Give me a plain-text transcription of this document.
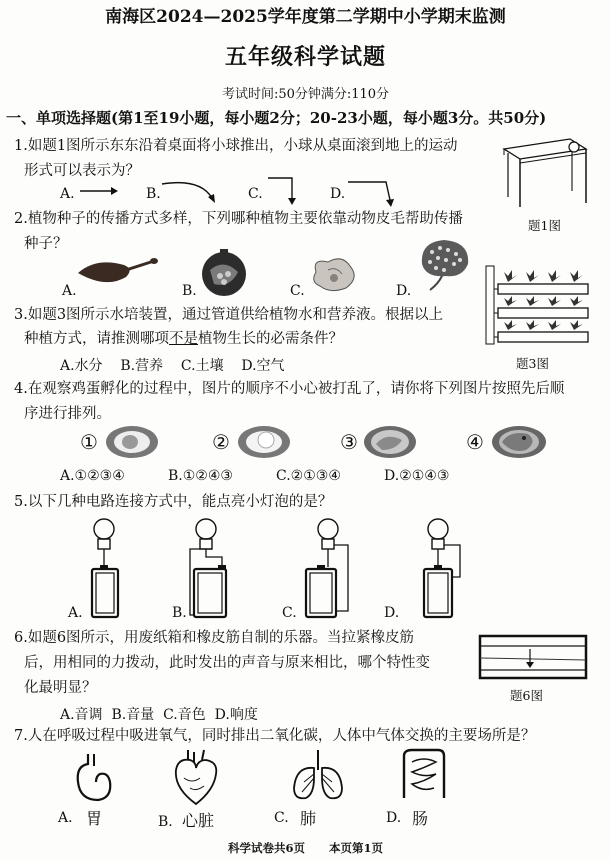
南海区2024—2025学年度第二学期中小学期末监测
五年级科学试题
考试时间:50分钟满分:110分
一、单项选择题(第1至19小题，每小题2分；20-23小题，每小题3分。共50分)
1.如题1图所示东东沿着桌面将小球推出，小球从桌面滚到地上的运动
形式可以表示为？
A.	B.	C.	D.
题1图
2.植物种子的传播方式多样，下列哪种植物主要依靠动物皮毛帮助传播
种子？
A.	B.	C.	D.
3.如题3图所示水培装置，通过管道供给植物水和营养液。根据以上
种植方式，请推测哪项不是植物生长的必需条件？
A.水分    B.营养    C.土壤    D.空气	题3图
4.在观察鸡蛋孵化的过程中，图片的顺序不小心被打乱了，请你将下列图片按照先后顺
序进行排列。
①	②	③	④
A.①②③④	B.①②④③	C.②①③④	D.②①④③
5.以下几种电路连接方式中，能点亮小灯泡的是？
A.	B.	C.	D.
6.如题6图所示，用废纸箱和橡皮筋自制的乐器。当拉紧橡皮筋
后，用相同的力拨动，此时发出的声音与原来相比，哪个特性变
化最明显？
A.音调  B.音量  C.音色  D.响度
题6图
7.人在呼吸过程中吸进氧气，同时排出二氧化碳，人体中气体交换的主要场所是？
A. 胃	B. 心脏	C. 肺	D. 肠
科学试卷共6页      本页第1页
